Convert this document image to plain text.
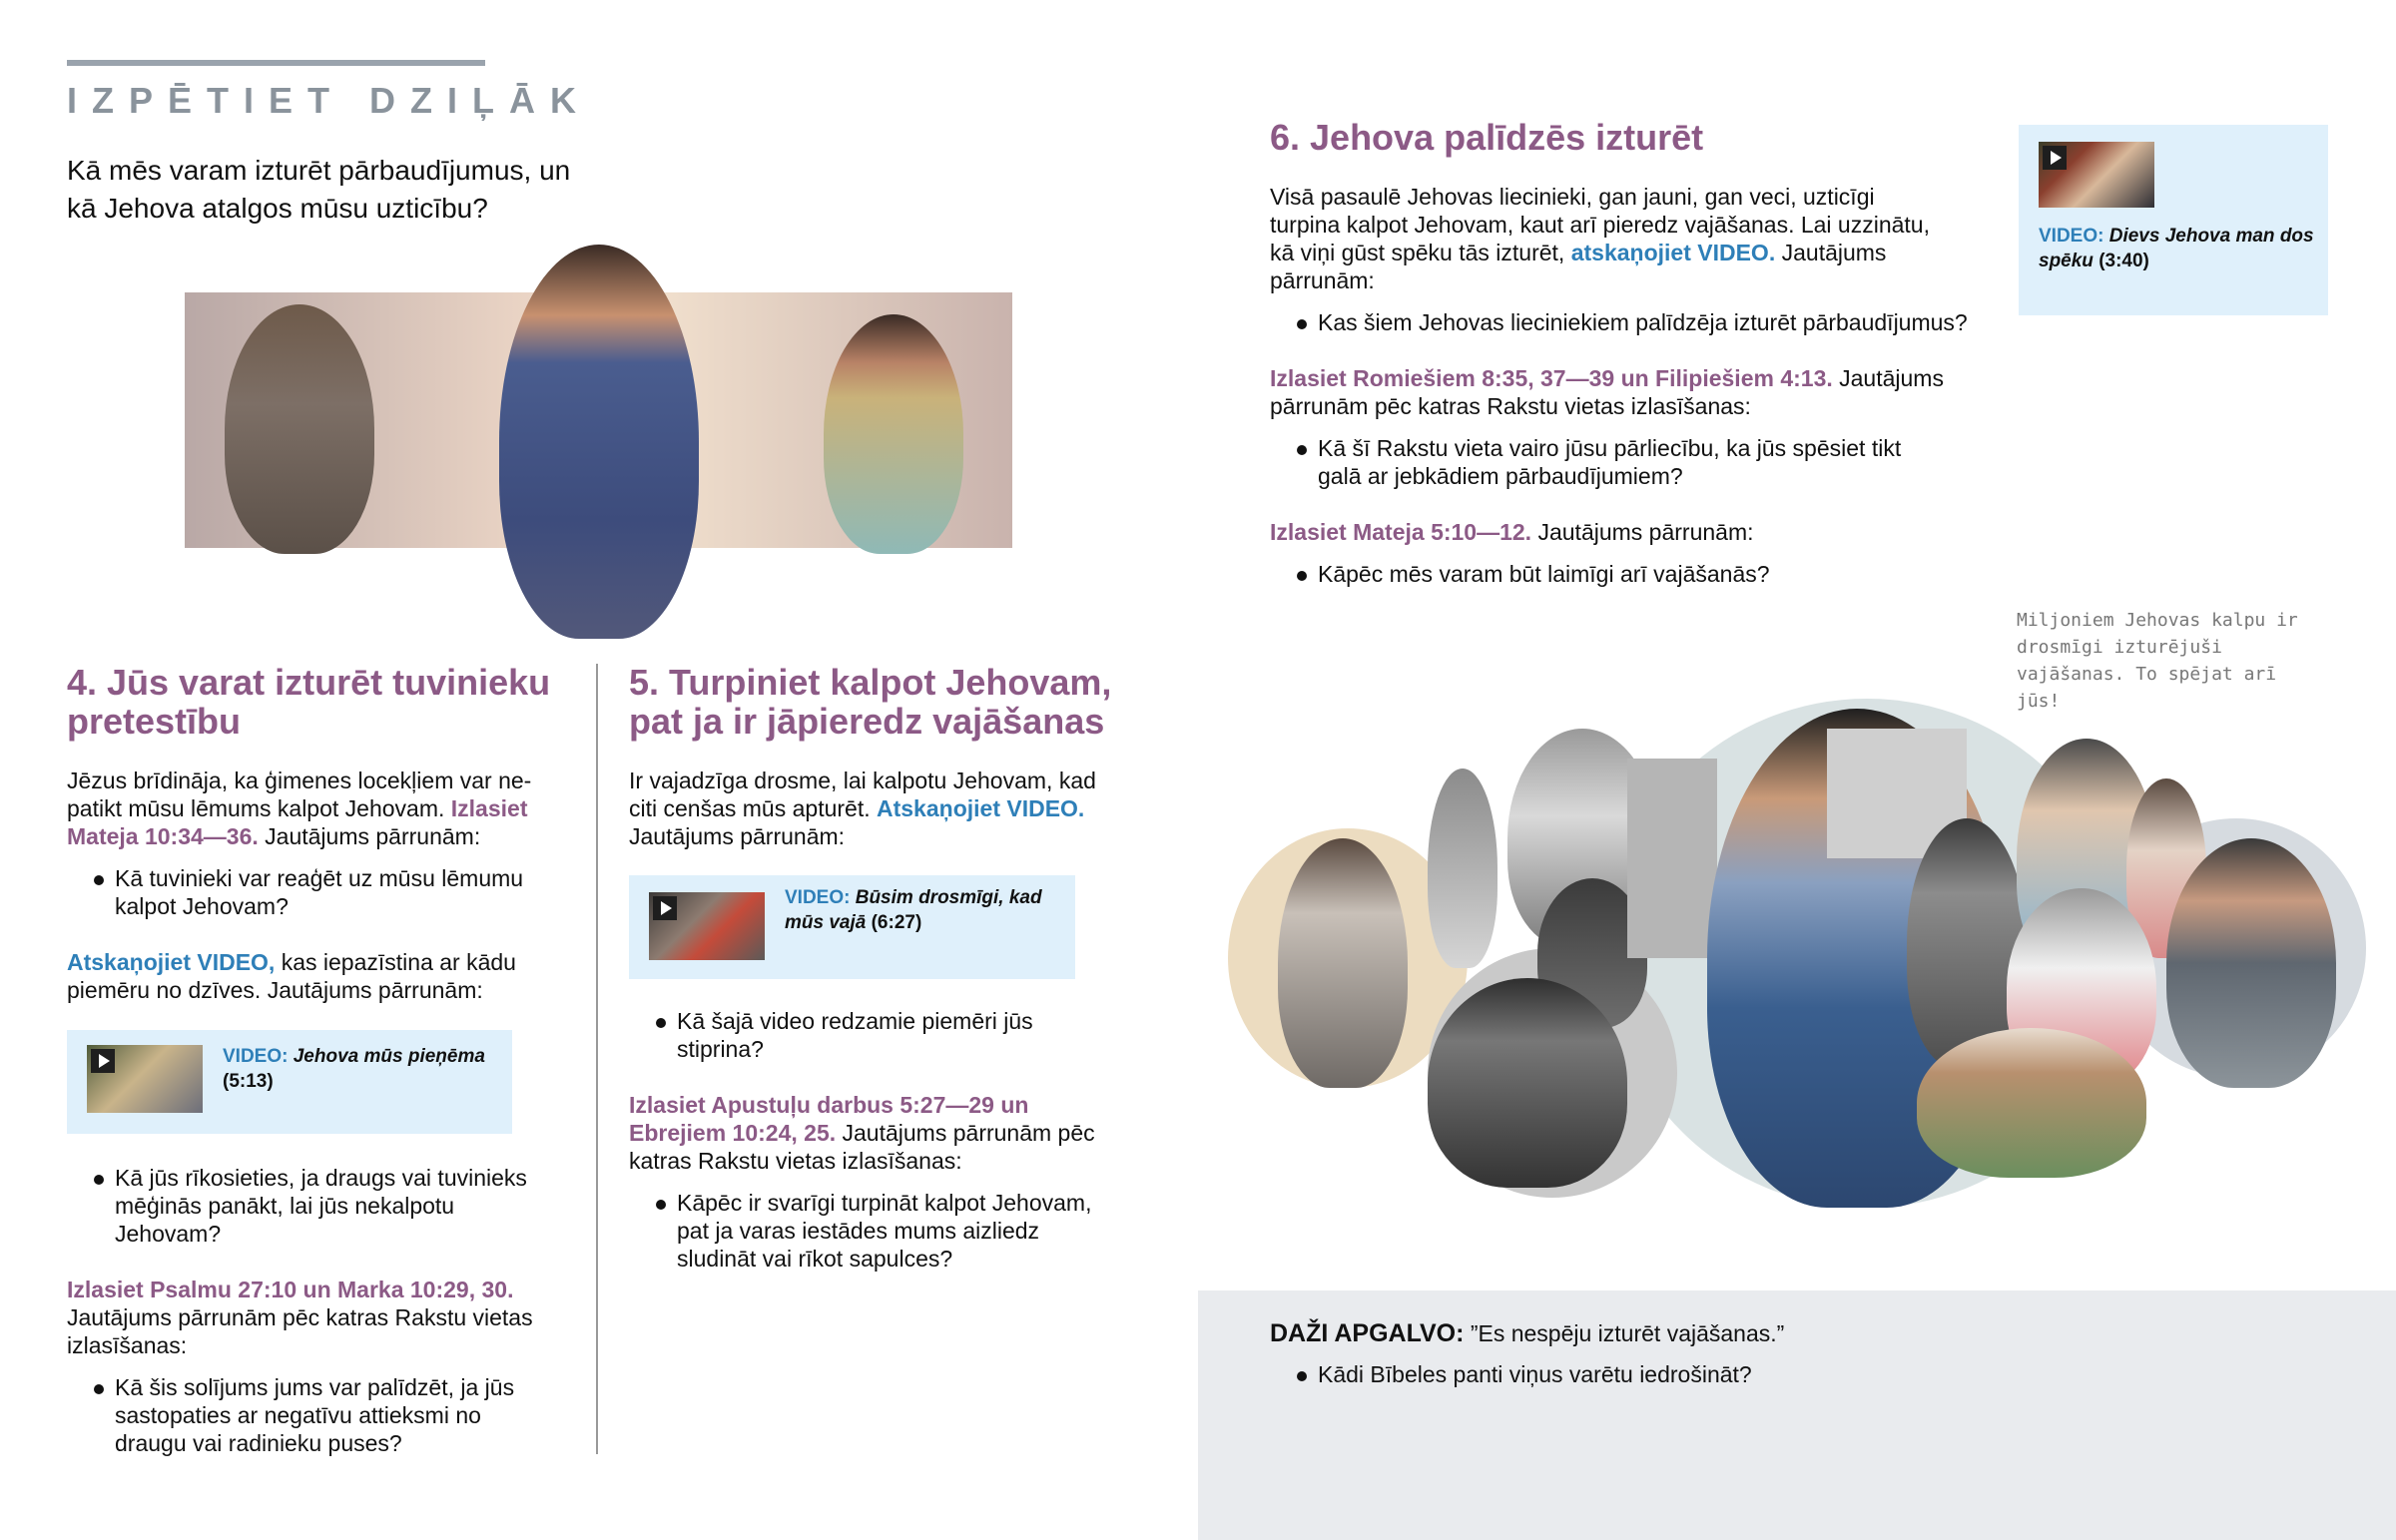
IZPĒTIET DZIĻĀK
Kā mēs varam izturēt pārbaudījumus, un kā Jehova atalgos mūsu uzticību?
4. Jūs varat izturēt tuvinieku pretestību

Jēzus brīdināja, ka ģimenes locekļiem var nepatikt mūsu lēmums kalpot Jehovam. Izlasiet Mateja 10:34—36. Jautājums pārrunām:

Kā tuvinieki var reaģēt uz mūsu lēmumu kalpot Jehovam?

Atskaņojiet VIDEO, kas iepazīstina ar kādu piemēru no dzīves. Jautājums pārrunām:

VIDEO: Jehova mūs pieņēma
(5:13)
Kā jūs rīkosieties, ja draugs vai tuvinieks mēģinās panākt, lai jūs nekalpotu Jehovam?

Izlasiet Psalmu 27:10 un Marka 10:29, 30. Jautājums pārrunām pēc katras Rakstu vietas izlasīšanas:

Kā šis solījums jums var palīdzēt, ja jūs sastopaties ar negatīvu attieksmi no draugu vai radinieku puses?
5. Turpiniet kalpot Jehovam, pat ja ir jāpieredz vajāšanas

Ir vajadzīga drosme, lai kalpotu Jehovam, kad citi cenšas mūs apturēt. Atskaņojiet VIDEO. Jautājums pārrunām:

VIDEO: Būsim drosmīgi, kad mūs vajā (6:27)
Kā šajā video redzamie piemēri jūs stiprina?

Izlasiet Apustuļu darbus 5:27—29 un Ebrejiem 10:24, 25. Jautājums pārrunām pēc katras Rakstu vietas izlasīšanas:

Kāpēc ir svarīgi turpināt kalpot Jehovam, pat ja varas iestādes mums aizliedz sludināt vai rīkot sapulces?
6. Jehova palīdzēs izturēt

Visā pasaulē Jehovas liecinieki, gan jauni, gan veci, uzticīgi turpina kalpot Jehovam, kaut arī pieredz vajāšanas. Lai uzzinātu, kā viņi gūst spēku tās izturēt, atskaņojiet VIDEO. Jautājums pārrunām:

Kas šiem Jehovas lieciniekiem palīdzēja izturēt pārbaudījumus?

Izlasiet Romiešiem 8:35, 37—39 un Filipiešiem 4:13. Jautājums pārrunām pēc katras Rakstu vietas izlasīšanas:

Kā šī Rakstu vieta vairo jūsu pārliecību, ka jūs spēsiet tikt galā ar jebkādiem pārbaudījumiem?

Izlasiet Mateja 5:10—12. Jautājums pārrunām:

Kāpēc mēs varam būt laimīgi arī vajāšanās?
VIDEO: Dievs Jehova man dos spēku (3:40)
Miljoniem Jehovas kalpu ir drosmīgi izturējuši vajāšanas. To spējat arī jūs!
DAŽI APGALVO: ”Es nespēju izturēt vajāšanas.”
Kādi Bībeles panti viņus varētu iedrošināt?
